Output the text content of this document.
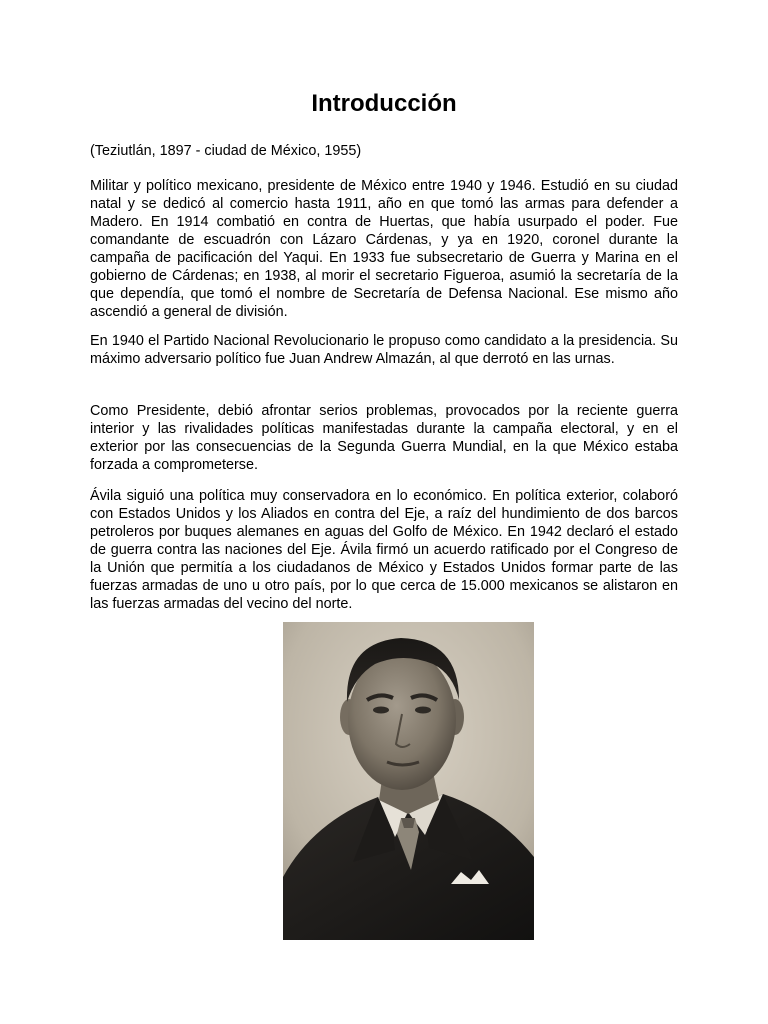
Introducción

(Teziutlán, 1897 - ciudad de México, 1955)

Militar y político mexicano, presidente de México entre 1940 y 1946. Estudió en su ciudad natal y se dedicó al comercio hasta 1911, año en que tomó las armas para defender a Madero. En 1914 combatió en contra de Huertas, que había usurpado el poder. Fue comandante de escuadrón con Lázaro Cárdenas, y ya en 1920, coronel durante la campaña de pacificación del Yaqui. En 1933 fue subsecretario de Guerra y Marina en el gobierno de Cárdenas; en 1938, al morir el secretario Figueroa, asumió la secretaría de la que dependía, que tomó el nombre de Secretaría de Defensa Nacional. Ese mismo año ascendió a general de división.

En 1940 el Partido Nacional Revolucionario le propuso como candidato a la presidencia. Su máximo adversario político fue Juan Andrew Almazán, al que derrotó en las urnas.

Como Presidente, debió afrontar serios problemas, provocados por la reciente guerra interior y las rivalidades políticas manifestadas durante la campaña electoral, y en el exterior por las consecuencias de la Segunda Guerra Mundial, en la que México estaba forzada a comprometerse.

Ávila siguió una política muy conservadora en lo económico. En política exterior, colaboró con Estados Unidos y los Aliados en contra del Eje, a raíz del hundimiento de dos barcos petroleros por buques alemanes en aguas del Golfo de México. En 1942 declaró el estado de guerra contra las naciones del Eje. Ávila firmó un acuerdo ratificado por el Congreso de la Unión que permitía a los ciudadanos de México y Estados Unidos formar parte de las fuerzas armadas de uno u otro país, por lo que cerca de 15.000 mexicanos se alistaron en las fuerzas armadas del vecino del norte.
